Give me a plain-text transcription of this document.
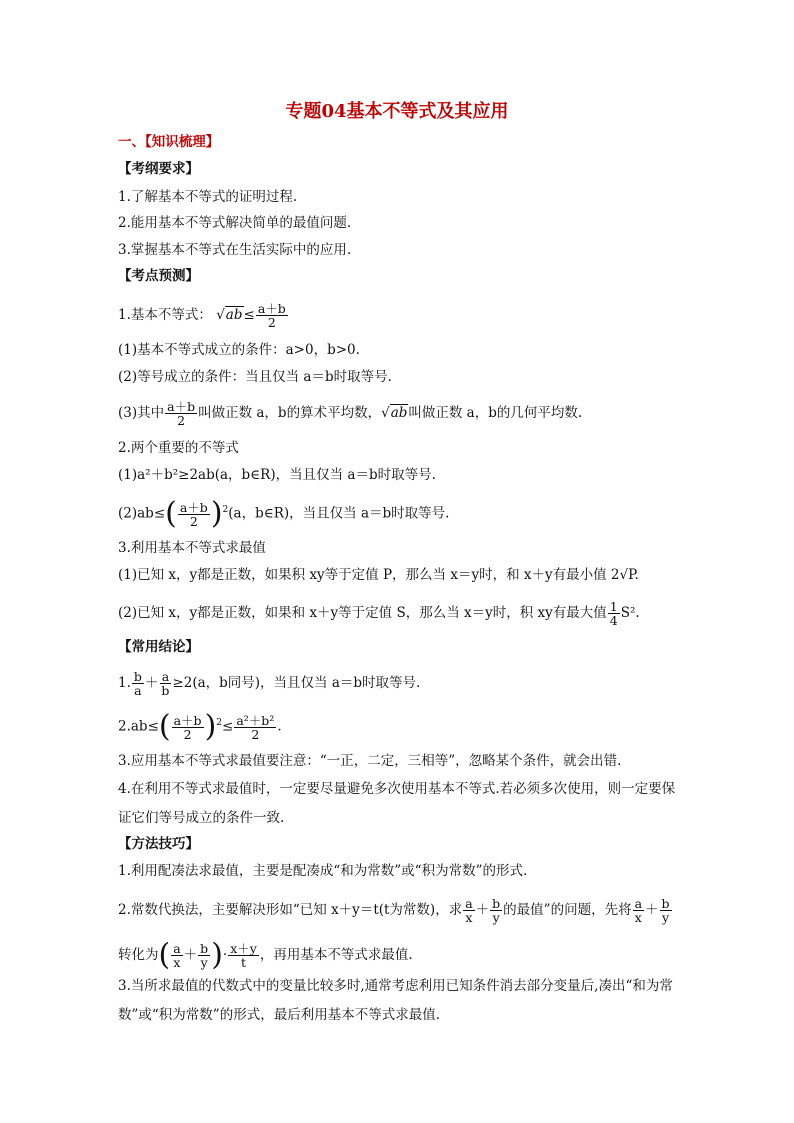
专题04基本不等式及其应用
一、【知识梳理】
【考纲要求】
1.了解基本不等式的证明过程.
2.能用基本不等式解决简单的最值问题.
3.掌握基本不等式在生活实际中的应用.
【考点预测】
1.基本不等式： $√ab\le \frac{a+b}{2}$
(1)基本不等式成立的条件：a>0，b>0.
(2)等号成立的条件：当且仅当 a＝b时取等号.
(3)其中 $\frac{a+b}{2}$ 叫做正数 a，b的算术平均数，√ab叫做正数 a，b的几何平均数.
2.两个重要的不等式
(1)a²＋b²≥2ab(a，b∈R)，当且仅当 a＝b时取等号.
$(2)ab\le( \frac{a+b}{2} )^2(a$，b∈R)，当且仅当 a＝b时取等号.
3.利用基本不等式求最值
(1)已知 x，y都是正数，如果积 xy等于定值 P，那么当 x＝y时，和 x＋y有最小值 2√P.
(2)已知 x，y都是正数，如果和 x＋y等于定值 S，那么当 x＝y时，积 xy有最大值 $\frac{1}{4} S^2$.
【常用结论】
1. $\frac{b}{a} + \frac{a}{b} \ge 2(a$，b同号)，当且仅当 a＝b时取等号.
$2.ab\le( \frac{a+b}{2} )^2\le \frac{\text{a²＋b²}}{2}$ .
3.应用基本不等式求最值要注意：“一正，二定，三相等”，忽略某个条件，就会出错.
4.在利用不等式求最值时，一定要尽量避免多次使用基本不等式.若必须多次使用，则一定要保证它们等号成立的条件一致.
【方法技巧】
1.利用配凑法求最值，主要是配凑成“和为常数”或“积为常数”的形式.
2.常数代换法，主要解决形如“已知 x＋y＝t(t为常数)，求 $\frac{a}{x} + \frac{b}{y}$ 的最值”的问题，先将 $\frac{a}{x} + \frac{b}{y}$
转化为( $\frac{a}{x} + \frac{b}{y}$ )· $\frac{x+y}{t}$ ，再用基本不等式求最值.
3.当所求最值的代数式中的变量比较多时,通常考虑利用已知条件消去部分变量后,凑出“和为常数”或“积为常数”的形式，最后利用基本不等式求最值.
